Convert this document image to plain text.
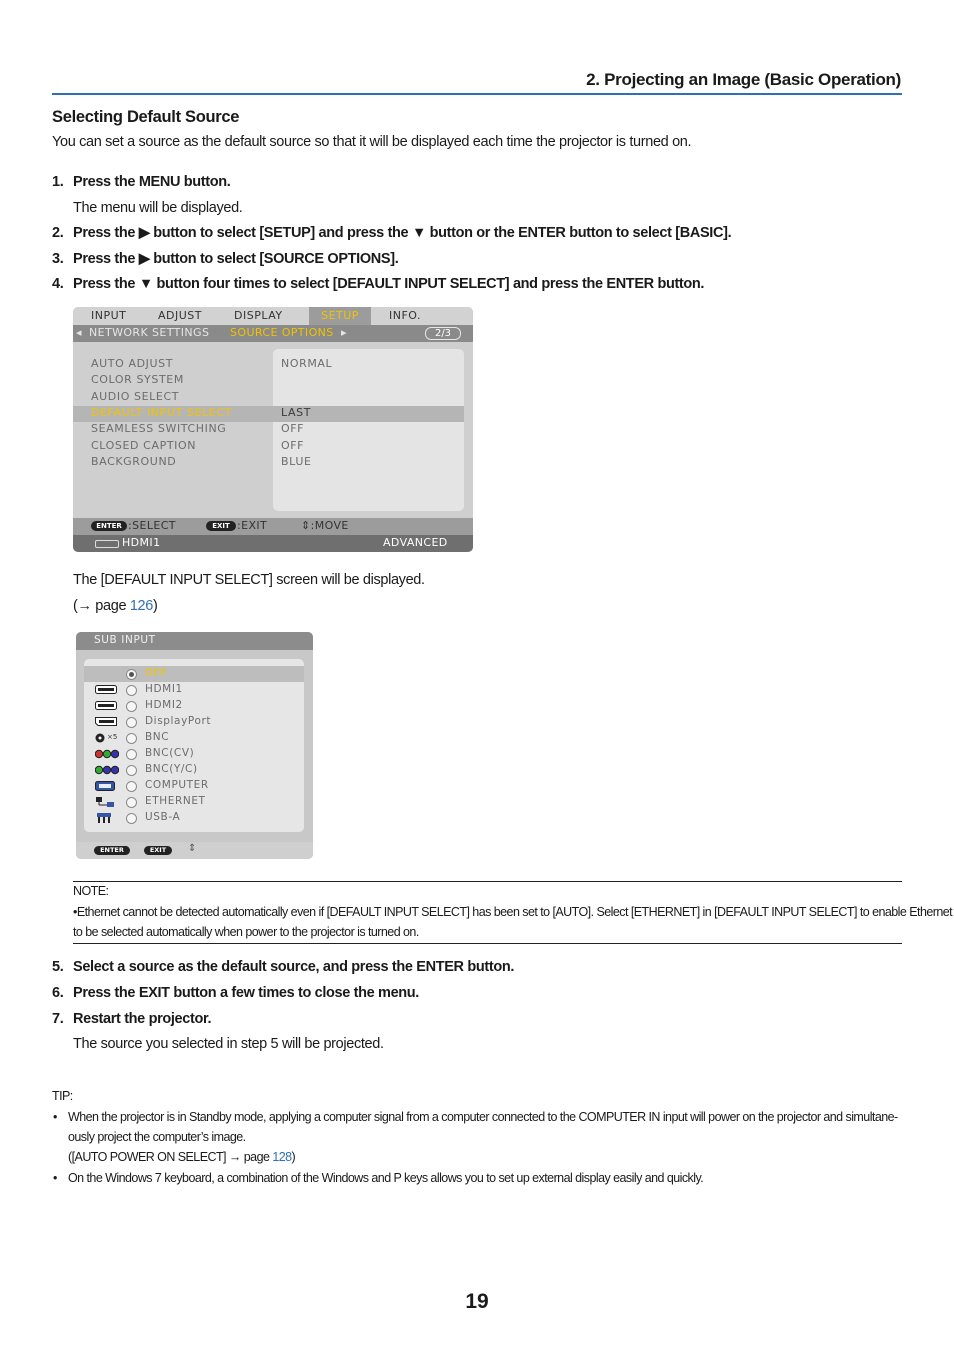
2. Projecting an Image (Basic Operation)
Selecting Default Source
You can set a source as the default source so that it will be displayed each time the projector is turned on.
1. Press the MENU button.
The menu will be displayed.
2. Press the ▶ button to select [SETUP] and press the ▼ button or the ENTER button to select [BASIC].
3. Press the ▶ button to select [SOURCE OPTIONS].
4. Press the ▼ button four times to select [DEFAULT INPUT SELECT] and press the ENTER button.
INPUT	ADJUST	DISPLAY	SETUP	INFO.
◂ NETWORK SETTINGS SOURCE OPTIONS ▸	2/3
AUTO ADJUST	NORMAL
COLOR SYSTEM
AUDIO SELECT
DEFAULT INPUT SELECT	LAST
SEAMLESS SWITCHING	OFF
CLOSED CAPTION	OFF
BACKGROUND	BLUE
ENTER :SELECT	EXIT :EXIT	⇕:MOVE
HDMI1	ADVANCED
The [DEFAULT INPUT SELECT] screen will be displayed.
(→ page 126)
SUB INPUT
OFF
HDMI1
HDMI2
DisplayPort
×5	BNC
BNC(CV)
BNC(Y/C)
COMPUTER
ETHERNET
USB-A
ENTER	EXIT	⇕
NOTE:
•Ethernet cannot be detected automatically even if [DEFAULT INPUT SELECT] has been set to [AUTO]. Select [ETHERNET] in [DEFAULT INPUT SELECT] to enable Ethernet
to be selected automatically when power to the projector is turned on.
5. Select a source as the default source, and press the ENTER button.
6. Press the EXIT button a few times to close the menu.
7. Restart the projector.
The source you selected in step 5 will be projected.
TIP:
• When the projector is in Standby mode, applying a computer signal from a computer connected to the COMPUTER IN input will power on the projector and simultane-
ously project the computer’s image.
([AUTO POWER ON SELECT] → page 128)
• On the Windows 7 keyboard, a combination of the Windows and P keys allows you to set up external display easily and quickly.
19
